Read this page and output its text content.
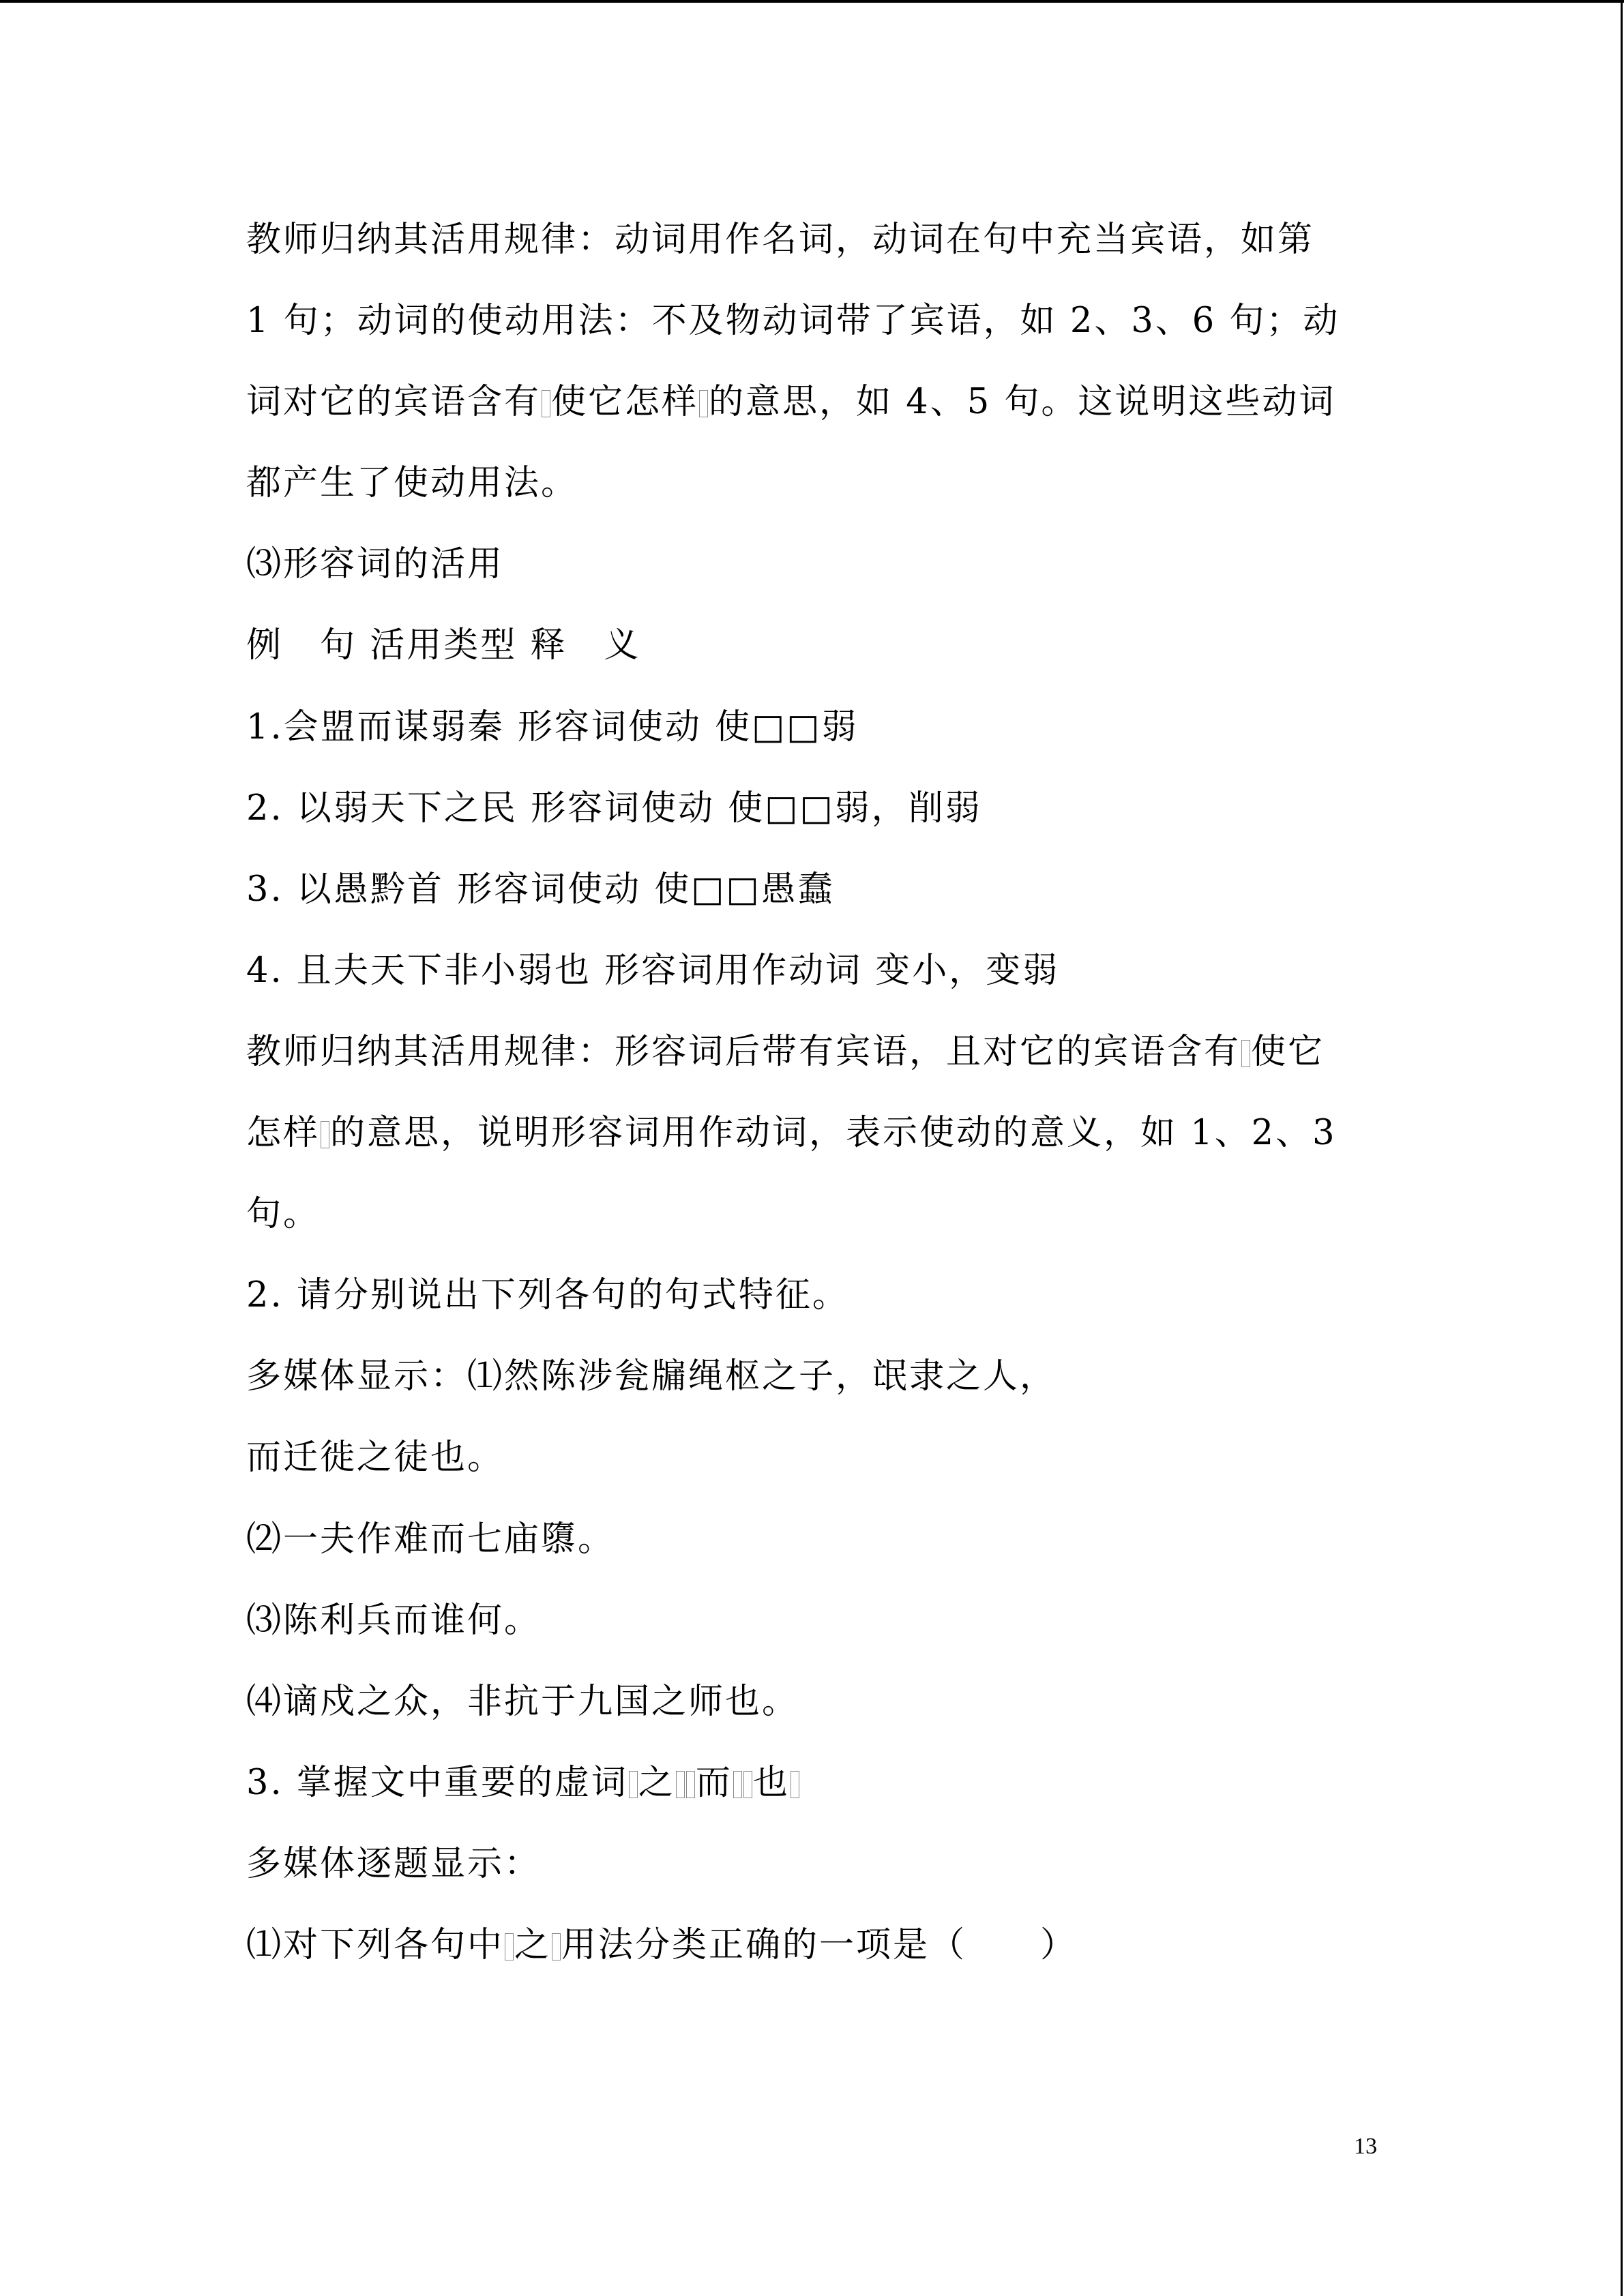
教师归纳其活用规律：动词用作名词，动词在句中充当宾语，如第
1 句；动词的使动用法：不及物动词带了宾语，如 2、3、6 句；动
词对它的宾语含有 使它怎样 的意思，如 4、5 句。这说明这些动词
都产生了使动用法。
⑶形容词的活用
例　句 活用类型 释　义
1.会盟而谋弱秦 形容词使动 使□□弱
2. 以弱天下之民 形容词使动 使□□弱，削弱
3. 以愚黔首 形容词使动 使□□愚蠢
4. 且夫天下非小弱也 形容词用作动词 变小，变弱
教师归纳其活用规律：形容词后带有宾语，且对它的宾语含有 使它
怎样 的意思，说明形容词用作动词，表示使动的意义，如 1、2、3
句。
2. 请分别说出下列各句的句式特征。
多媒体显示：⑴然陈涉瓮牖绳枢之子，氓隶之人，
而迁徙之徒也。
⑵一夫作难而七庙隳。
⑶陈利兵而谁何。
⑷谪戍之众，非抗于九国之师也。
3. 掌握文中重要的虚词 之 而 也
多媒体逐题显示：
⑴对下列各句中 之 用法分类正确的一项是（　　）
13
